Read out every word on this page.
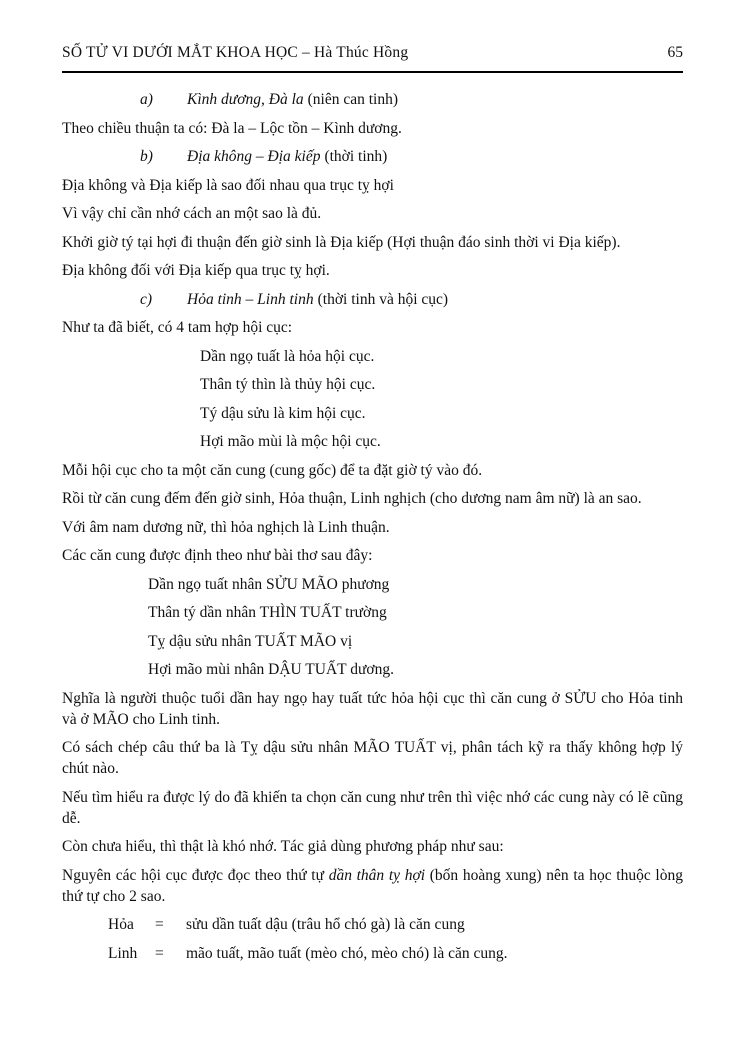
SỐ TỬ VI DƯỚI MẮT KHOA HỌC – Hà Thúc Hồng	65

a) Kình dương, Đà la (niên can tinh)

Theo chiều thuận ta có: Đà la – Lộc tồn – Kình dương.

b) Địa không – Địa kiếp (thời tinh)

Địa không và Địa kiếp là sao đối nhau qua trục tỵ hợi

Vì vậy chỉ cần nhớ cách an một sao là đủ.

Khởi giờ tý tại hợi đi thuận đến giờ sinh là Địa kiếp (Hợi thuận đáo sinh thời vi Địa kiếp).

Địa không đối với Địa kiếp qua trục tỵ hợi.

c) Hỏa tinh – Linh tinh (thời tinh và hội cục)

Như ta đã biết, có 4 tam hợp hội cục:

Dần ngọ tuất là hỏa hội cục.

Thân tý thìn là thủy hội cục.

Tý dậu sửu là kim hội cục.

Hợi mão mùi là mộc hội cục.

Mỗi hội cục cho ta một căn cung (cung gốc) để ta đặt giờ tý vào đó.

Rồi từ căn cung đếm đến giờ sinh, Hỏa thuận, Linh nghịch (cho dương nam âm nữ) là an sao.

Với âm nam dương nữ, thì hỏa nghịch là Linh thuận.

Các căn cung được định theo như bài thơ sau đây:

Dần ngọ tuất nhân SỬU MÃO phương

Thân tý dần nhân THÌN TUẤT trường

Tỵ dậu sửu nhân TUẤT MÃO vị

Hợi mão mùi nhân DẬU TUẤT dương.

Nghĩa là người thuộc tuổi dần hay ngọ hay tuất tức hỏa hội cục thì căn cung ở SỬU cho Hỏa tinh và ở MÃO cho Linh tinh.

Có sách chép câu thứ ba là Tỵ dậu sửu nhân MÃO TUẤT vị, phân tách kỹ ra thấy không hợp lý chút nào.

Nếu tìm hiểu ra được lý do đã khiến ta chọn căn cung như trên thì việc nhớ các cung này có lẽ cũng dễ.

Còn chưa hiểu, thì thật là khó nhớ. Tác giả dùng phương pháp như sau:

Nguyên các hội cục được đọc theo thứ tự dần thân tỵ hợi (bốn hoàng xung) nên ta học thuộc lòng thứ tự cho 2 sao.

Hỏa	=	sửu dần tuất dậu (trâu hổ chó gà) là căn cung

Linh	=	mão tuất, mão tuất (mèo chó, mèo chó) là căn cung.
